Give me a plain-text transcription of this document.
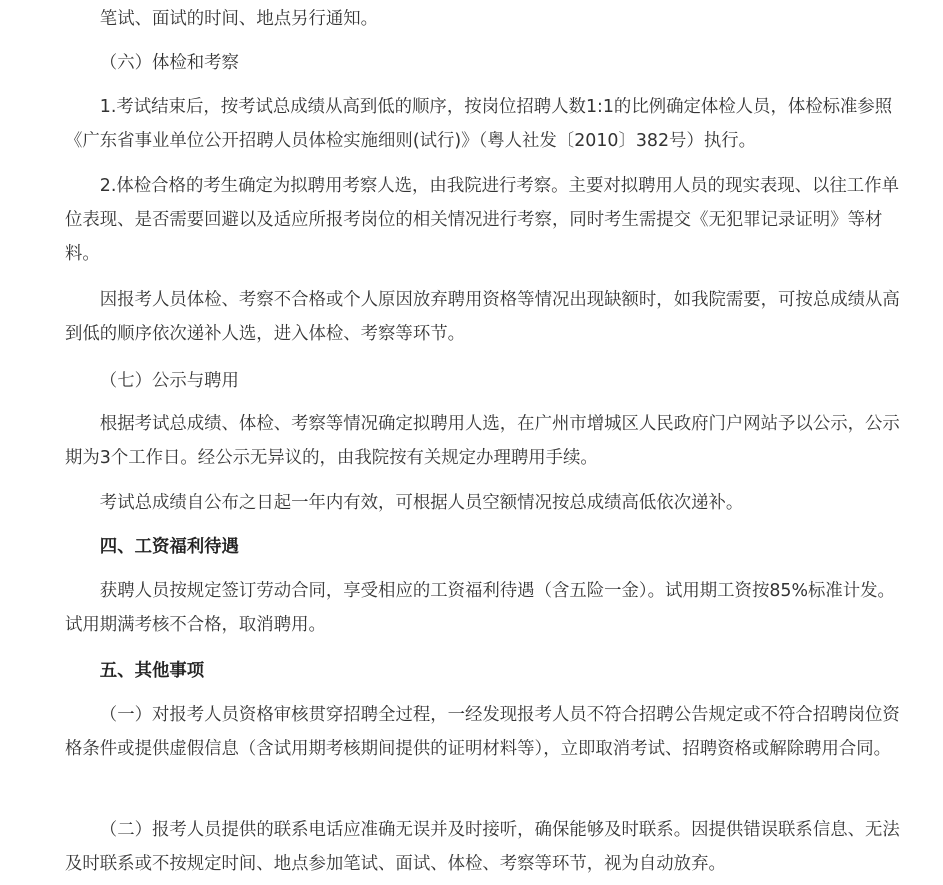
笔试、面试的时间、地点另行通知。

（六）体检和考察

1.考试结束后，按考试总成绩从高到低的顺序，按岗位招聘人数1:1的比例确定体检人员，体检标准参照《广东省事业单位公开招聘人员体检实施细则(试行)》（粤人社发〔2010〕382号）执行。

2.体检合格的考生确定为拟聘用考察人选，由我院进行考察。主要对拟聘用人员的现实表现、以往工作单位表现、是否需要回避以及适应所报考岗位的相关情况进行考察，同时考生需提交《无犯罪记录证明》等材料。

因报考人员体检、考察不合格或个人原因放弃聘用资格等情况出现缺额时，如我院需要，可按总成绩从高到低的顺序依次递补人选，进入体检、考察等环节。

（七）公示与聘用

根据考试总成绩、体检、考察等情况确定拟聘用人选，在广州市增城区人民政府门户网站予以公示，公示期为3个工作日。经公示无异议的，由我院按有关规定办理聘用手续。

考试总成绩自公布之日起一年内有效，可根据人员空额情况按总成绩高低依次递补。

四、工资福利待遇

获聘人员按规定签订劳动合同，享受相应的工资福利待遇（含五险一金）。试用期工资按85%标准计发。试用期满考核不合格，取消聘用。

五、其他事项

（一）对报考人员资格审核贯穿招聘全过程，一经发现报考人员不符合招聘公告规定或不符合招聘岗位资格条件或提供虚假信息（含试用期考核期间提供的证明材料等），立即取消考试、招聘资格或解除聘用合同。

（二）报考人员提供的联系电话应准确无误并及时接听，确保能够及时联系。因提供错误联系信息、无法及时联系或不按规定时间、地点参加笔试、面试、体检、考察等环节，视为自动放弃。
